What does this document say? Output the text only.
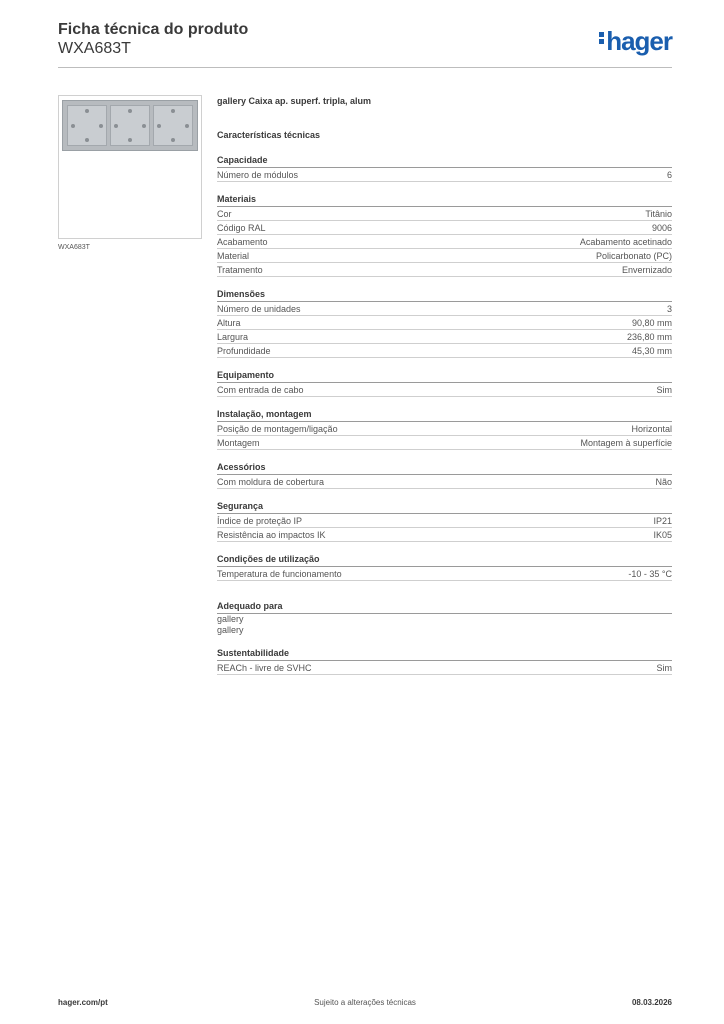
Ficha técnica do produto
WXA683T	hager
WXA683T
gallery Caixa ap. superf. tripla, alum
Características técnicas
Capacidade
Número de módulos	6
Materiais
Cor	Titânio
Código RAL	9006
Acabamento	Acabamento acetinado
Material	Policarbonato (PC)
Tratamento	Envernizado
Dimensões
Número de unidades	3
Altura	90,80 mm
Largura	236,80 mm
Profundidade	45,30 mm
Equipamento
Com entrada de cabo	Sim
Instalação, montagem
Posição de montagem/ligação	Horizontal
Montagem	Montagem à superfície
Acessórios
Com moldura de cobertura	Não
Segurança
Índice de proteção IP	IP21
Resistência ao impactos IK	IK05
Condições de utilização
Temperatura de funcionamento	-10 - 35 °C
Adequado para
gallery
gallery
Sustentabilidade
REACh - livre de SVHC	Sim
hager.com/pt	Sujeito a alterações técnicas	08.03.2026
